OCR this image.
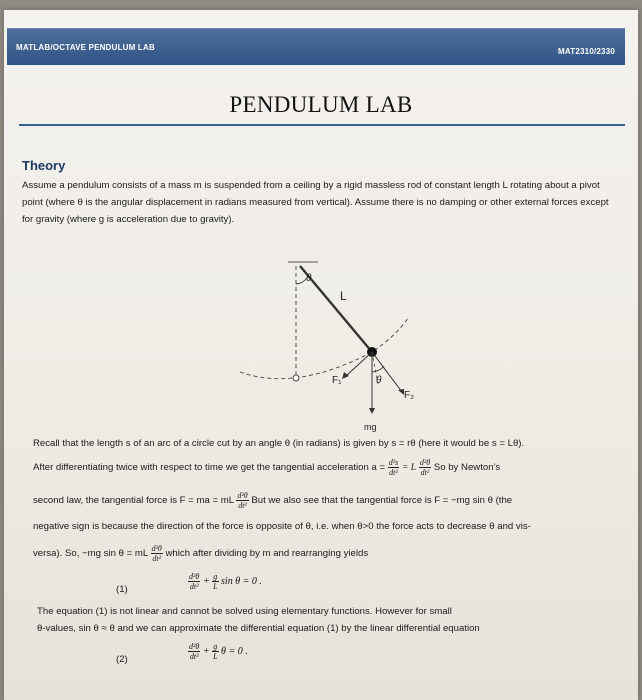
MATLAB/OCTAVE PENDULUM LAB	MAT2310/2330
PENDULUM LAB
Theory
Assume a pendulum consists of a mass m is suspended from a ceiling by a rigid massless rod of constant length L rotating about a pivot point (where θ is the angular displacement in radians measured from vertical). Assume there is no damping or other external forces except for gravity (where g is acceleration due to gravity).
θ
L
θ
F₁
F₂
mg
Recall that the length s of an arc of a circle cut by an angle θ (in radians) is given by s = rθ (here it would be s = Lθ).
After differentiating twice with respect to time we get the tangential acceleration $a = \frac{\text{d²s}}{\text{dt²}} = L \frac{\text{d²θ}}{\text{dt²}}$ So by Newton's
second law, the tangential force is F = ma = mL $\frac{\text{d²θ}}{\text{dt²}}$ But we also see that the tangential force is F = −mg sin θ (the
negative sign is because the direction of the force is opposite of θ, i.e. when θ>0 the force acts to decrease θ and vis-
versa). So, −mg sin θ = mL $\frac{\text{d²θ}}{\text{dt²}}$ which after dividing by m and rearranging yields
(1)	$\frac{\text{d²θ}}{\text{dt²}} + \frac{g}{L}$ sin θ = 0 .
The equation (1) is not linear and cannot be solved using elementary functions. However for small
θ-values, sin θ ≈ θ and we can approximate the differential equation (1) by the linear differential equation
(2)	$\frac{\text{d²θ}}{\text{dt²}} + \frac{g}{L}$ θ = 0 .
